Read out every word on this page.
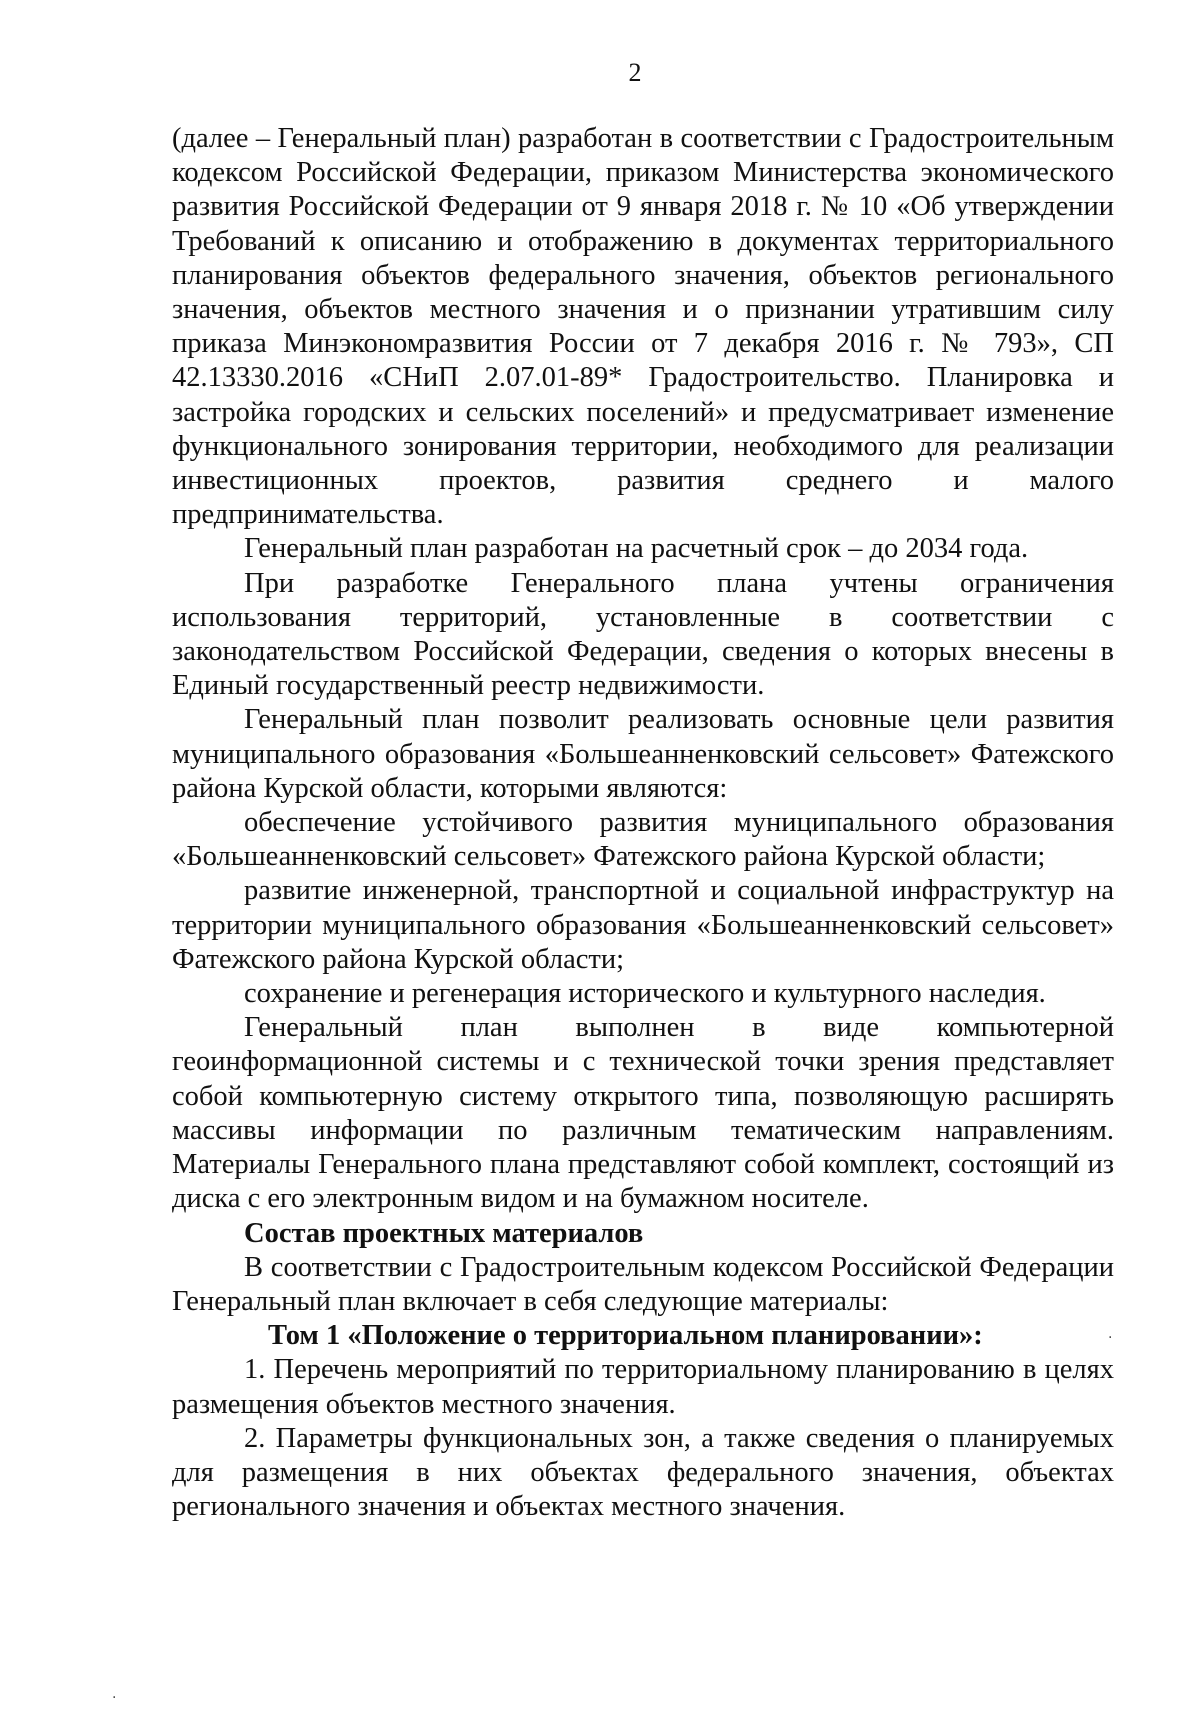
2

(далее – Генеральный план) разработан в соответствии с Градостроительным кодексом Российской Федерации, приказом Министерства экономического развития Российской Федерации от 9 января 2018 г. № 10 «Об утверждении Требований к описанию и отображению в документах территориального планирования объектов федерального значения, объектов регионального значения, объектов местного значения и о признании утратившим силу приказа Минэкономразвития России от 7 декабря 2016 г. № 793», СП 42.13330.2016 «СНиП 2.07.01-89* Градостроительство. Планировка и застройка городских и сельских поселений» и предусматривает изменение функционального зонирования территории, необходимого для реализации инвестиционных проектов, развития среднего и малого предпринимательства.

Генеральный план разработан на расчетный срок – до 2034 года.

При разработке Генерального плана учтены ограничения использования территорий, установленные в соответствии с законодательством Российской Федерации, сведения о которых внесены в Единый государственный реестр недвижимости.

Генеральный план позволит реализовать основные цели развития муниципального образования «Большеанненковский сельсовет» Фатежского района Курской области, которыми являются:

обеспечение устойчивого развития муниципального образования «Большеанненковский сельсовет» Фатежского района Курской области;

развитие инженерной, транспортной и социальной инфраструктур на территории муниципального образования «Большеанненковский сельсовет» Фатежского района Курской области;

сохранение и регенерация исторического и культурного наследия.

Генеральный план выполнен в виде компьютерной геоинформационной системы и с технической точки зрения представляет собой компьютерную систему открытого типа, позволяющую расширять массивы информации по различным тематическим направлениям. Материалы Генерального плана представляют собой комплект, состоящий из диска с его электронным видом и на бумажном носителе.

Состав проектных материалов

В соответствии с Градостроительным кодексом Российской Федерации Генеральный план включает в себя следующие материалы:

Том 1 «Положение о территориальном планировании»:

1. Перечень мероприятий по территориальному планированию в целях размещения объектов местного значения.

2. Параметры функциональных зон, а также сведения о планируемых для размещения в них объектах федерального значения, объектах регионального значения и объектах местного значения.

·
·
